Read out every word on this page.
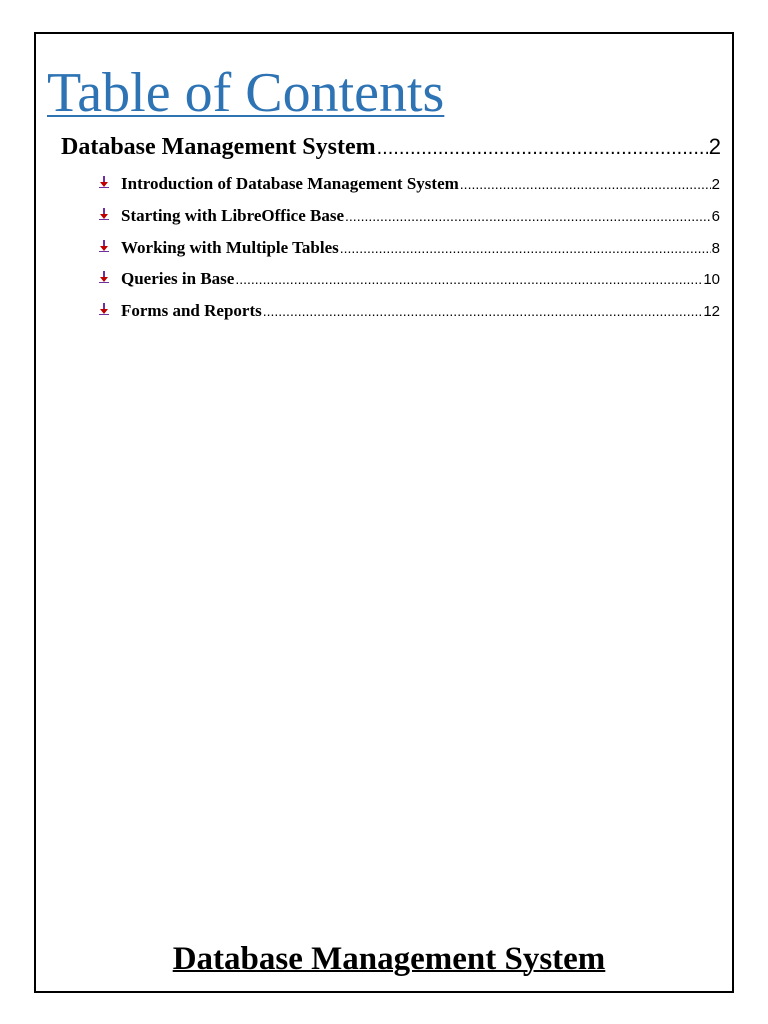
Table of Contents
Database Management System .....	2
Introduction of Database Management System .....	2
Starting with LibreOffice Base .....	6
Working with Multiple Tables .....	8
Queries in Base .....	10
Forms and Reports .....	12

Database Management System
